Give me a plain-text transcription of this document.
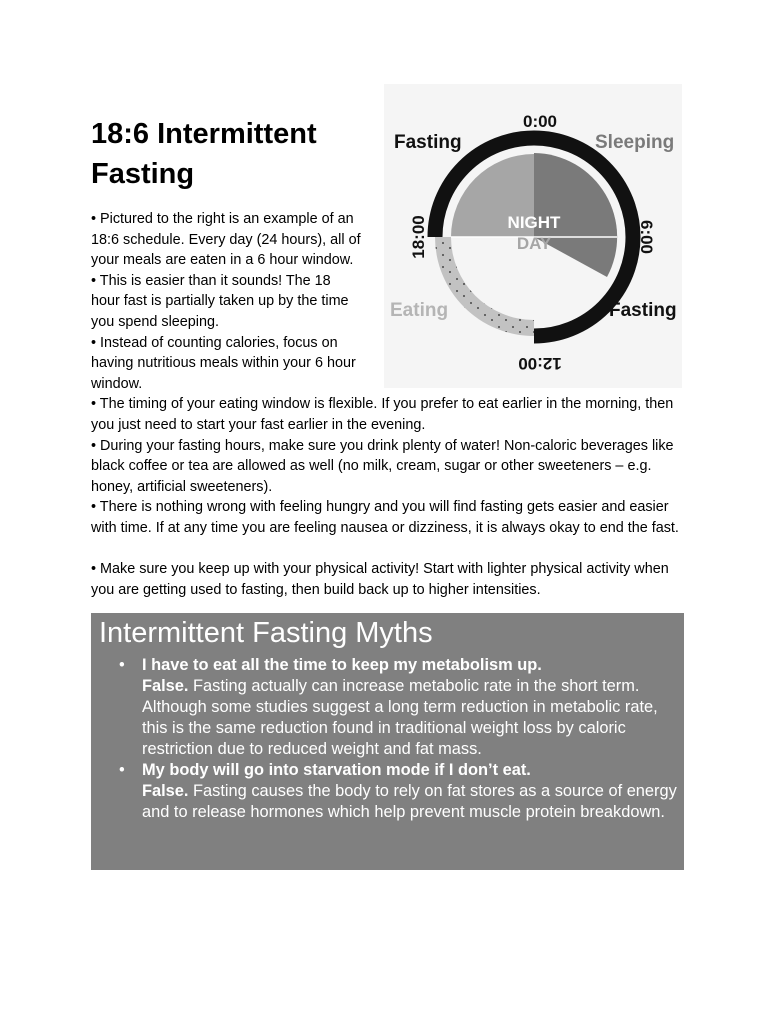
18:6 Intermittent Fasting

• Pictured to the right is an example of an

18:6 schedule. Every day (24 hours), all of

your meals are eaten in a 6 hour window.

• This is easier than it sounds! The 18

hour fast is partially taken up by the time

you spend sleeping.

• Instead of counting calories, focus on

having nutritious meals within your 6 hour

window.

• The timing of your eating window is flexible. If you prefer to eat earlier in the morning, then you just need to start your fast earlier in the evening.

• During your fasting hours, make sure you drink plenty of water! Non-caloric beverages like black coffee or tea are allowed as well (no milk, cream, sugar or other sweeteners – e.g. honey, artificial sweeteners).

• There is nothing wrong with feeling hungry and you will find fasting gets easier and easier with time. If at any time you are feeling nausea or dizziness, it is always okay to end the fast.

• Make sure you keep up with your physical activity! Start with lighter physical activity when you are getting used to fasting, then build back up to higher intensities.

NIGHT
DAY
0:00
12:00
18:00	6:00
Fasting	Sleeping
Fasting
Eating
Intermittent Fasting Myths
• I have to eat all the time to keep my metabolism up.
False. Fasting actually can increase metabolic rate in the short term. Although some studies suggest a long term reduction in metabolic rate, this is the same reduction found in traditional weight loss by caloric restriction due to reduced weight and fat mass.
• My body will go into starvation mode if I don’t eat.
False. Fasting causes the body to rely on fat stores as a source of energy and to release hormones which help prevent muscle protein breakdown.
